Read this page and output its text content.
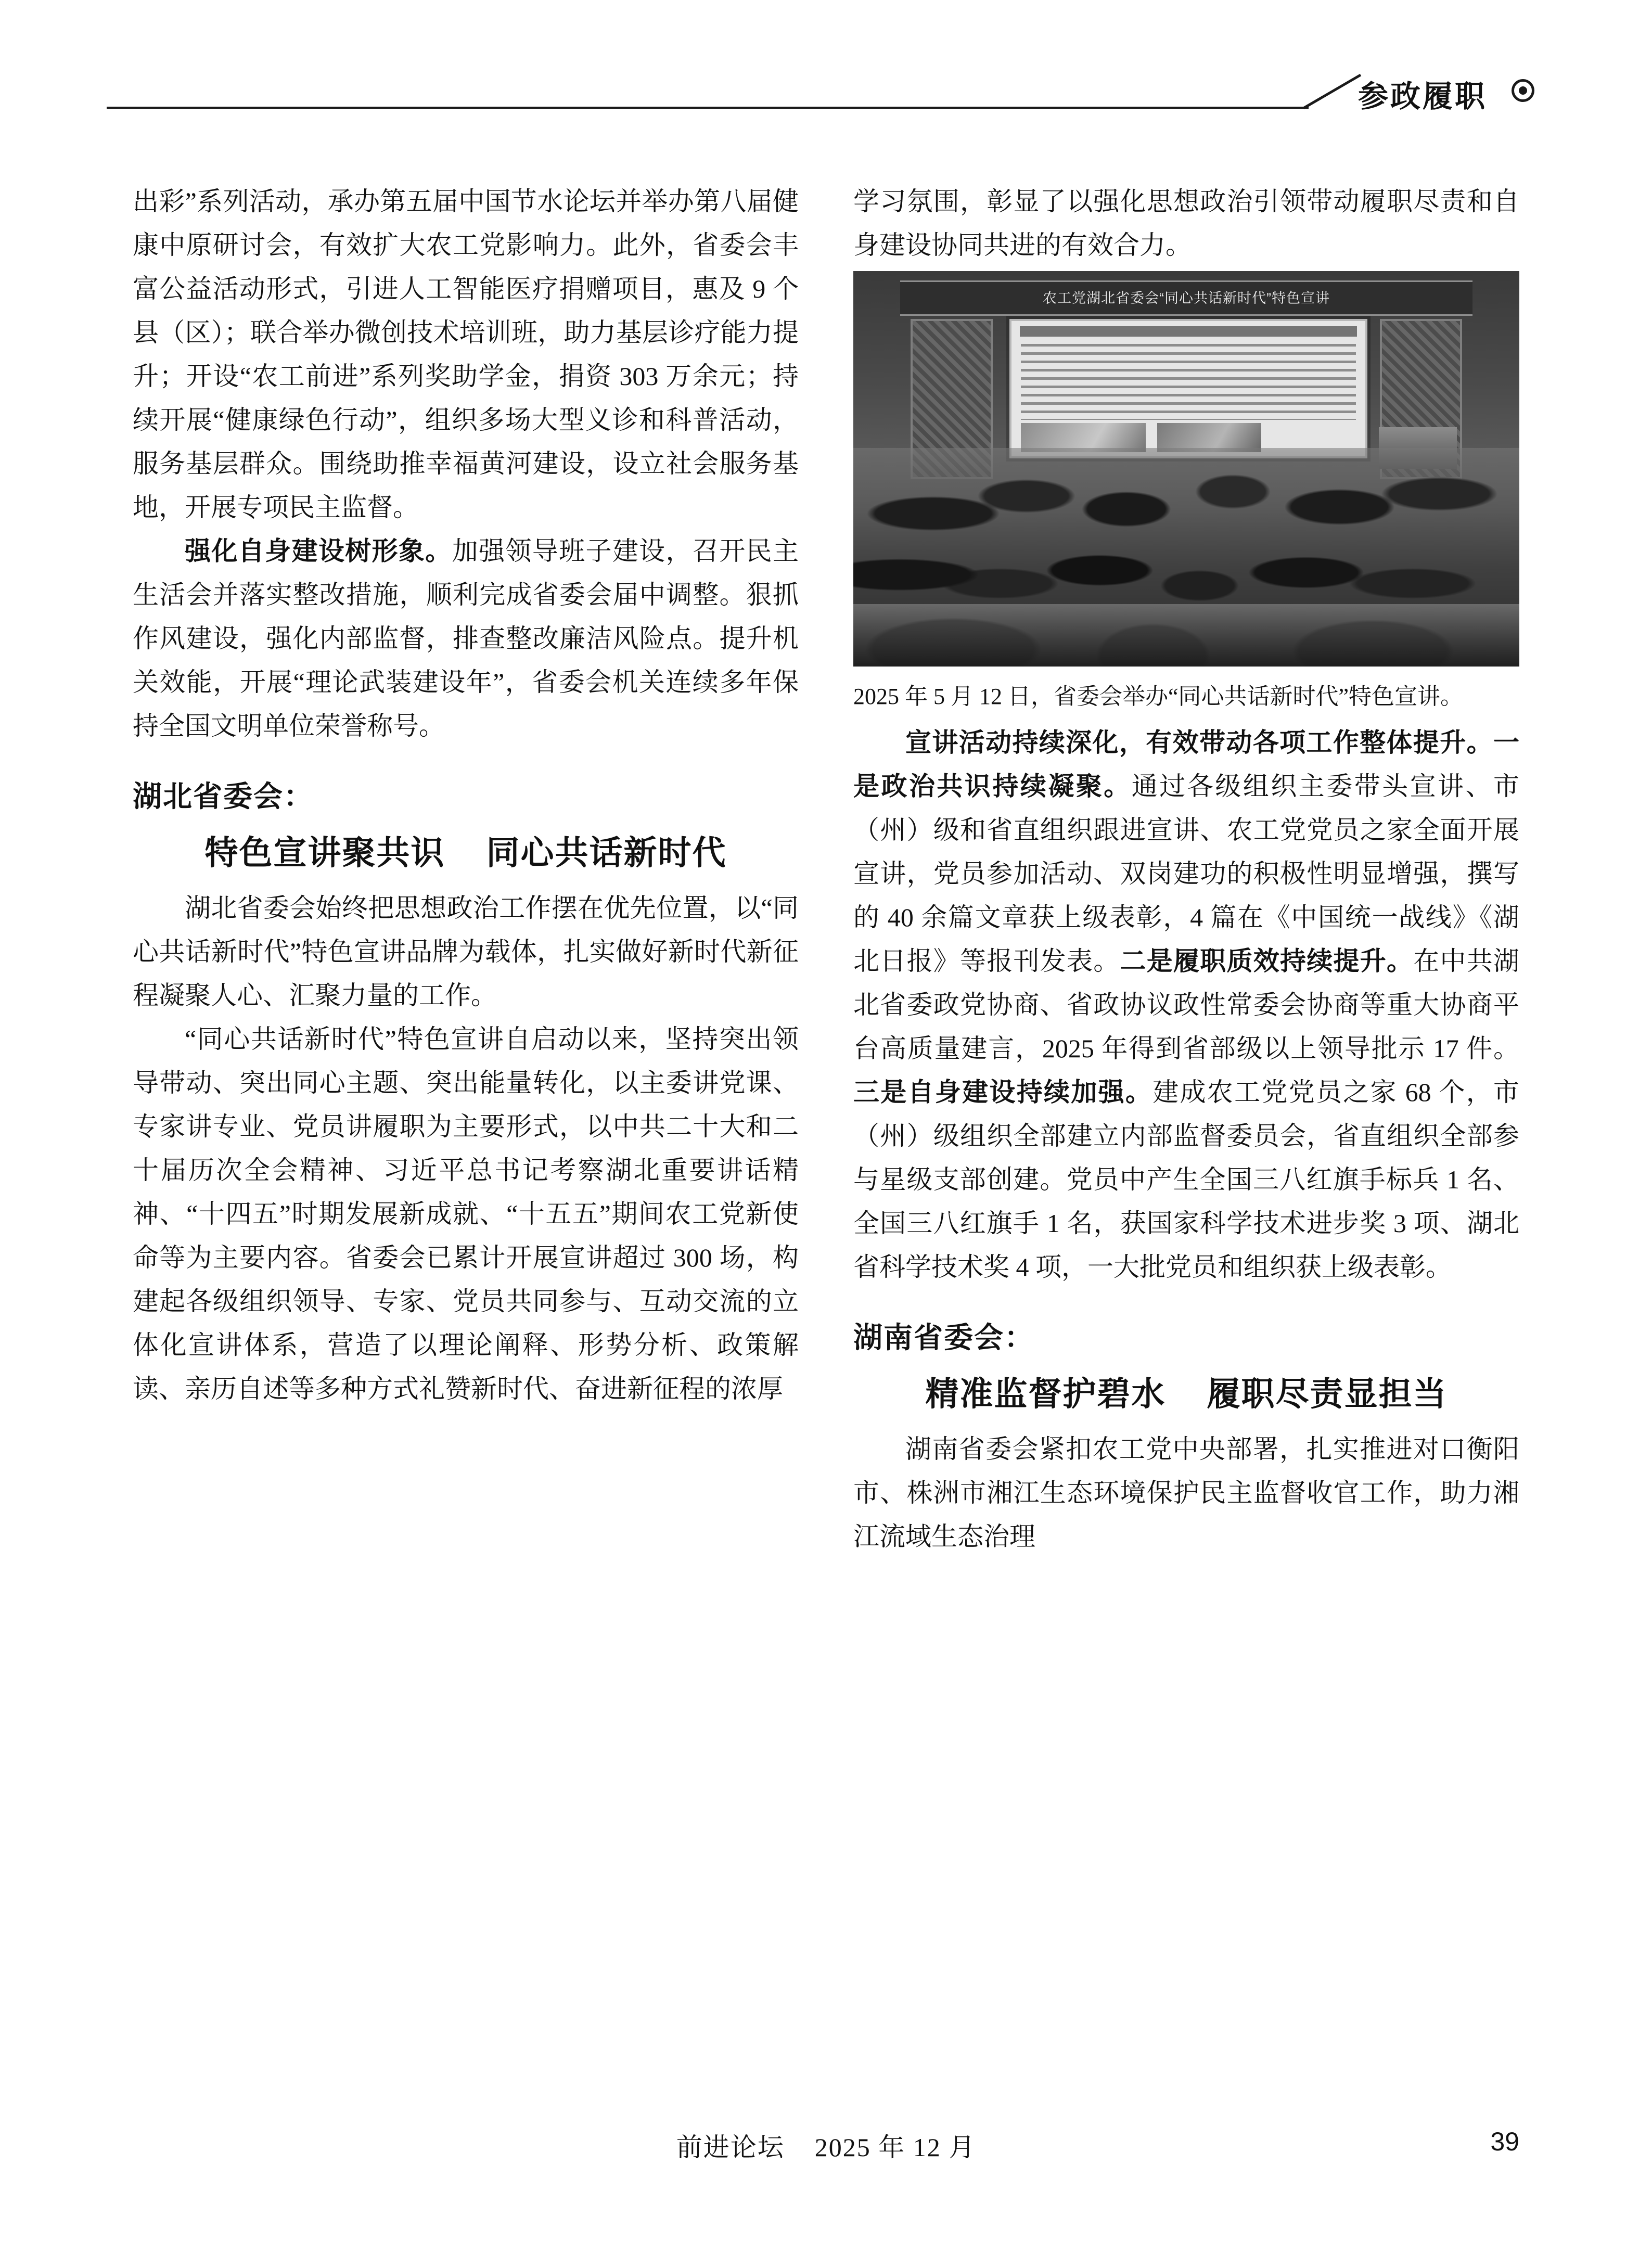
参政履职

出彩”系列活动，承办第五届中国节水论坛并举办第八届健康中原研讨会，有效扩大农工党影响力。此外，省委会丰富公益活动形式，引进人工智能医疗捐赠项目，惠及 9 个县（区）；联合举办微创技术培训班，助力基层诊疗能力提升；开设“农工前进”系列奖助学金，捐资 303 万余元；持续开展“健康绿色行动”，组织多场大型义诊和科普活动，服务基层群众。围绕助推幸福黄河建设，设立社会服务基地，开展专项民主监督。

强化自身建设树形象。加强领导班子建设，召开民主生活会并落实整改措施，顺利完成省委会届中调整。狠抓作风建设，强化内部监督，排查整改廉洁风险点。提升机关效能，开展“理论武装建设年”，省委会机关连续多年保持全国文明单位荣誉称号。

湖北省委会：
特色宣讲聚共识    同心共话新时代

湖北省委会始终把思想政治工作摆在优先位置，以“同心共话新时代”特色宣讲品牌为载体，扎实做好新时代新征程凝聚人心、汇聚力量的工作。

“同心共话新时代”特色宣讲自启动以来，坚持突出领导带动、突出同心主题、突出能量转化，以主委讲党课、专家讲专业、党员讲履职为主要形式，以中共二十大和二十届历次全会精神、习近平总书记考察湖北重要讲话精神、“十四五”时期发展新成就、“十五五”期间农工党新使命等为主要内容。省委会已累计开展宣讲超过 300 场，构建起各级组织领导、专家、党员共同参与、互动交流的立体化宣讲体系，营造了以理论阐释、形势分析、政策解读、亲历自述等多种方式礼赞新时代、奋进新征程的浓厚

学习氛围，彰显了以强化思想政治引领带动履职尽责和自身建设协同共进的有效合力。

农工党湖北省委会“同心共话新时代”特色宣讲
2025 年 5 月 12 日，省委会举办“同心共话新时代”特色宣讲。

宣讲活动持续深化，有效带动各项工作整体提升。一是政治共识持续凝聚。通过各级组织主委带头宣讲、市（州）级和省直组织跟进宣讲、农工党党员之家全面开展宣讲，党员参加活动、双岗建功的积极性明显增强，撰写的 40 余篇文章获上级表彰，4 篇在《中国统一战线》《湖北日报》等报刊发表。二是履职质效持续提升。在中共湖北省委政党协商、省政协议政性常委会协商等重大协商平台高质量建言，2025 年得到省部级以上领导批示 17 件。三是自身建设持续加强。建成农工党党员之家 68 个，市（州）级组织全部建立内部监督委员会，省直组织全部参与星级支部创建。党员中产生全国三八红旗手标兵 1 名、全国三八红旗手 1 名，获国家科学技术进步奖 3 项、湖北省科学技术奖 4 项，一大批党员和组织获上级表彰。

湖南省委会：
精准监督护碧水    履职尽责显担当

湖南省委会紧扣农工党中央部署，扎实推进对口衡阳市、株洲市湘江生态环境保护民主监督收官工作，助力湘江流域生态治理

前进论坛    2025 年 12 月	39
